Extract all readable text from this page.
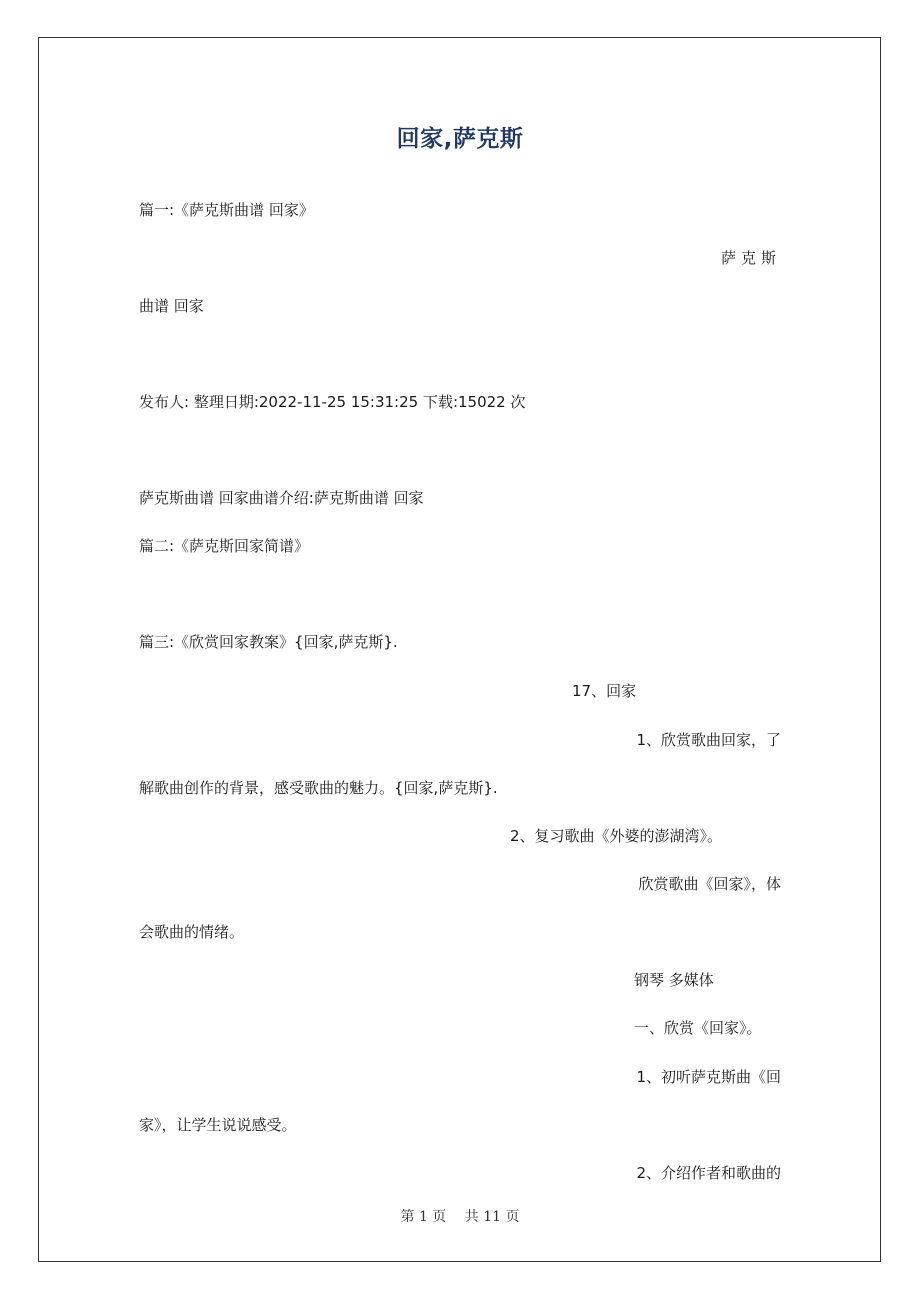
回家,萨克斯
篇一:《萨克斯曲谱 回家》
萨克斯
曲谱 回家
发布人: 整理日期:2022-11-25 15:31:25 下载:15022 次
萨克斯曲谱 回家曲谱介绍:萨克斯曲谱 回家
篇二:《萨克斯回家简谱》
篇三:《欣赏回家教案》{回家,萨克斯}.
17、回家
1、欣赏歌曲回家，了
解歌曲创作的背景，感受歌曲的魅力。{回家,萨克斯}.
2、复习歌曲《外婆的澎湖湾》。
欣赏歌曲《回家》，体
会歌曲的情绪。
钢琴 多媒体
一、欣赏《回家》。
1、初听萨克斯曲《回
家》，让学生说说感受。
2、介绍作者和歌曲的
第 1 页 共 11 页
